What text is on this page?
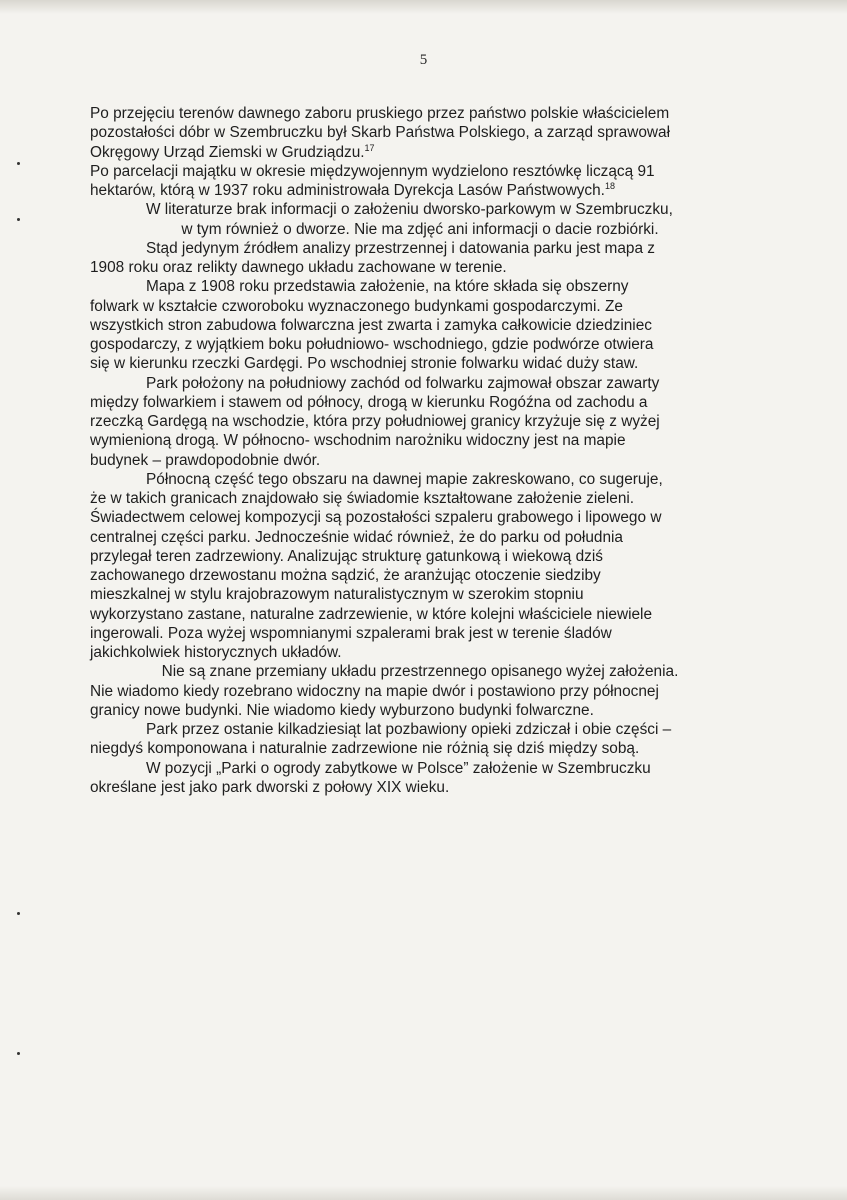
5
Po przejęciu terenów dawnego zaboru pruskiego przez państwo polskie właścicielem
pozostałości dóbr w Szembruczku był Skarb Państwa Polskiego, a zarząd sprawował
Okręgowy Urząd Ziemski w Grudziądzu.$^{17}$
Po parcelacji majątku w okresie międzywojennym wydzielono resztówkę liczącą 91
hektarów, którą w 1937 roku administrowała Dyrekcja Lasów Państwowych.$^{18}$
W literaturze brak informacji o założeniu dworsko-parkowym w Szembruczku,
w tym również o dworze. Nie ma zdjęć ani informacji o dacie rozbiórki.
Stąd jedynym źródłem analizy przestrzennej i datowania parku jest mapa z
1908 roku oraz relikty dawnego układu zachowane w terenie.
Mapa z 1908 roku przedstawia założenie, na które składa się obszerny
folwark w kształcie czworoboku wyznaczonego budynkami gospodarczymi. Ze
wszystkich stron zabudowa folwarczna jest zwarta i zamyka całkowicie dziedziniec
gospodarczy, z wyjątkiem boku południowo- wschodniego, gdzie podwórze otwiera
się w kierunku rzeczki Gardęgi. Po wschodniej stronie folwarku widać duży staw.
Park położony na południowy zachód od folwarku zajmował obszar zawarty
między folwarkiem i stawem od północy, drogą w kierunku Rogóźna od zachodu a
rzeczką Gardęgą na wschodzie, która przy południowej granicy krzyżuje się z wyżej
wymienioną drogą. W północno- wschodnim narożniku widoczny jest na mapie
budynek – prawdopodobnie dwór.
Północną część tego obszaru na dawnej mapie zakreskowano, co sugeruje,
że w takich granicach znajdowało się świadomie kształtowane założenie zieleni.
Świadectwem celowej kompozycji są pozostałości szpaleru grabowego i lipowego w
centralnej części parku. Jednocześnie widać również, że do parku od południa
przylegał teren zadrzewiony. Analizując strukturę gatunkową i wiekową dziś
zachowanego drzewostanu można sądzić, że aranżując otoczenie siedziby
mieszkalnej w stylu krajobrazowym naturalistycznym w szerokim stopniu
wykorzystano zastane, naturalne zadrzewienie, w które kolejni właściciele niewiele
ingerowali. Poza wyżej wspomnianymi szpalerami brak jest w terenie śladów
jakichkolwiek historycznych układów.
Nie są znane przemiany układu przestrzennego opisanego wyżej założenia.
Nie wiadomo kiedy rozebrano widoczny na mapie dwór i postawiono przy północnej
granicy nowe budynki. Nie wiadomo kiedy wyburzono budynki folwarczne.
Park przez ostanie kilkadziesiąt lat pozbawiony opieki zdziczał i obie części –
niegdyś komponowana i naturalnie zadrzewione nie różnią się dziś między sobą.
W pozycji „Parki o ogrody zabytkowe w Polsce” założenie w Szembruczku
określane jest jako park dworski z połowy XIX wieku.
